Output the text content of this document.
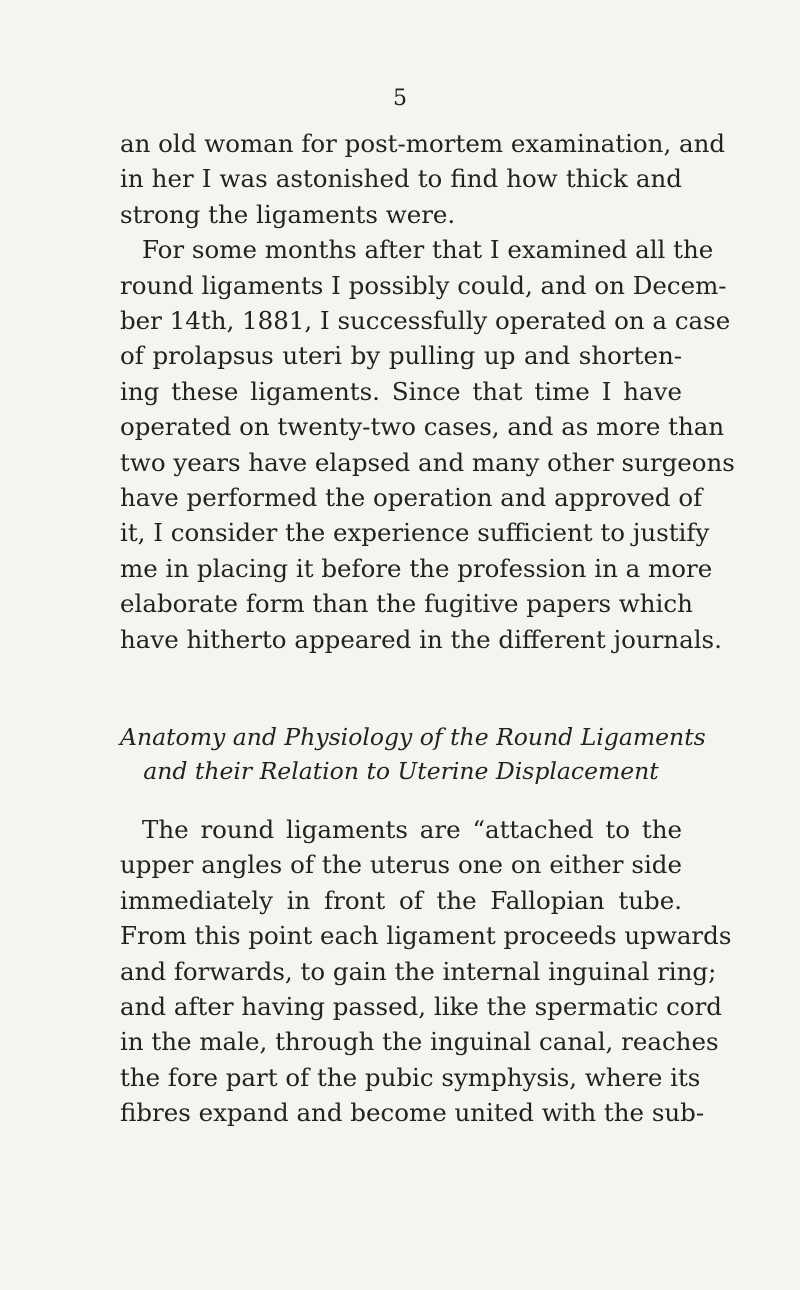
5
an old woman for post-mortem examination, and
in her I was astonished to find how thick and
strong the ligaments were.
For some months after that I examined all the
round ligaments I possibly could, and on Decem-
ber 14th, 1881, I successfully operated on a case
of prolapsus uteri by pulling up and shorten-
ing these ligaments. Since that time I have
operated on twenty-two cases, and as more than
two years have elapsed and many other surgeons
have performed the operation and approved of
it, I consider the experience sufficient to justify
me in placing it before the profession in a more
elaborate form than the fugitive papers which
have hitherto appeared in the different journals.
Anatomy and Physiology of the Round Ligaments
and their Relation to Uterine Displacement
The round ligaments are “attached to the
upper angles of the uterus one on either side
immediately in front of the Fallopian tube.
From this point each ligament proceeds upwards
and forwards, to gain the internal inguinal ring;
and after having passed, like the spermatic cord
in the male, through the inguinal canal, reaches
the fore part of the pubic symphysis, where its
fibres expand and become united with the sub-
